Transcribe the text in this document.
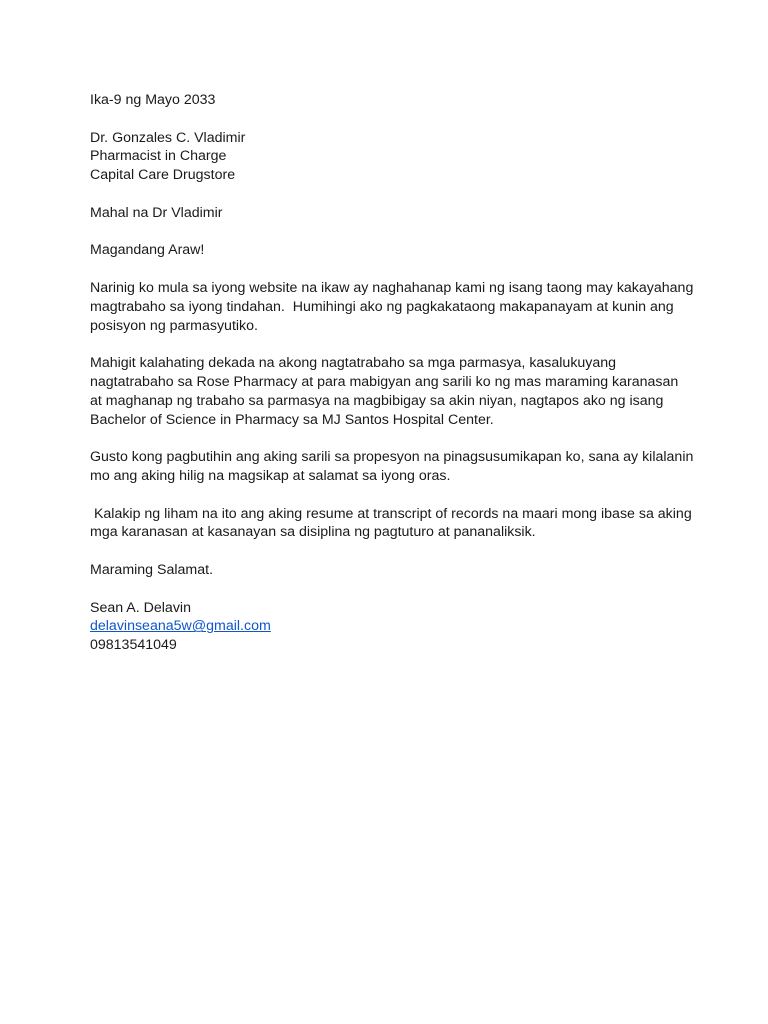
Ika-9 ng Mayo 2033
Dr. Gonzales C. Vladimir
Pharmacist in Charge
Capital Care Drugstore
Mahal na Dr Vladimir
Magandang Araw!
Narinig ko mula sa iyong website na ikaw ay naghahanap kami ng isang taong may kakayahang
magtrabaho sa iyong tindahan.  Humihingi ako ng pagkakataong makapanayam at kunin ang
posisyon ng parmasyutiko.
Mahigit kalahating dekada na akong nagtatrabaho sa mga parmasya, kasalukuyang
nagtatrabaho sa Rose Pharmacy at para mabigyan ang sarili ko ng mas maraming karanasan
at maghanap ng trabaho sa parmasya na magbibigay sa akin niyan, nagtapos ako ng isang
Bachelor of Science in Pharmacy sa MJ Santos Hospital Center.
Gusto kong pagbutihin ang aking sarili sa propesyon na pinagsusumikapan ko, sana ay kilalanin
mo ang aking hilig na magsikap at salamat sa iyong oras.
Kalakip ng liham na ito ang aking resume at transcript of records na maari mong ibase sa aking
mga karanasan at kasanayan sa disiplina ng pagtuturo at pananaliksik.
Maraming Salamat.
Sean A. Delavin
delavinseana5w@gmail.com
09813541049
